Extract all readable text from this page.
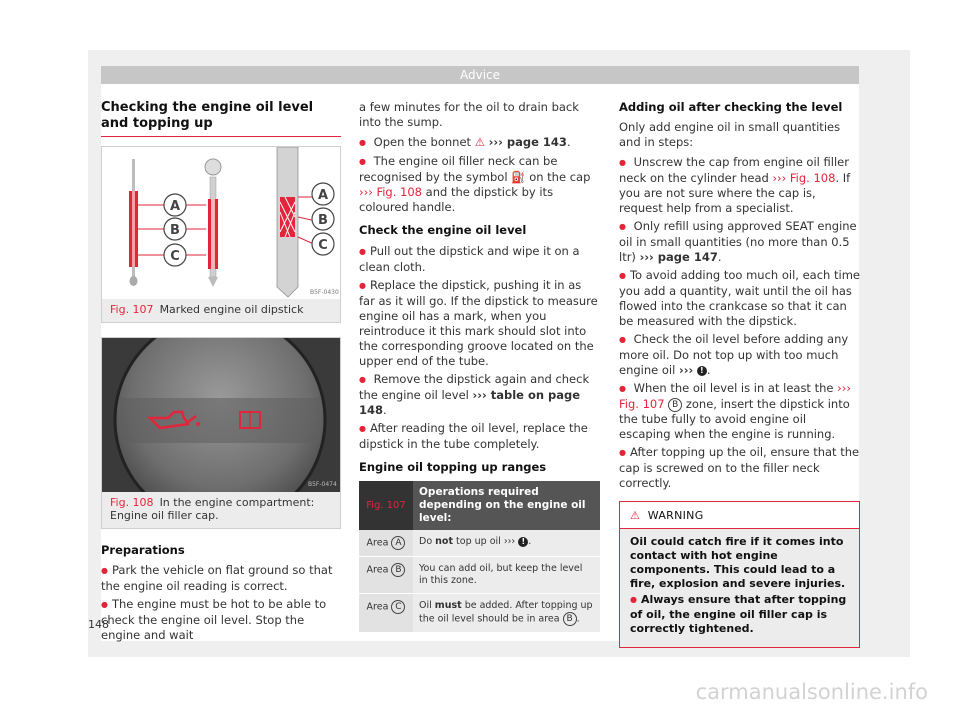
Advice
Checking the engine oil level and topping up
A
B
C
A
B
C
B5F-0430
Fig. 107 Marked engine oil dipstick
B5F-0474
Fig. 108 In the engine compartment: Engine oil filler cap.
Preparations
● Park the vehicle on flat ground so that the engine oil reading is correct.
● The engine must be hot to be able to check the engine oil level. Stop the engine and wait
a few minutes for the oil to drain back into the sump.
● Open the bonnet ⚠ ››› page 143.
● The engine oil filler neck can be recognised by the symbol ⛽ on the cap ››› Fig. 108 and the dipstick by its coloured handle.
Check the engine oil level
● Pull out the dipstick and wipe it on a clean cloth.
● Replace the dipstick, pushing it in as far as it will go. If the dipstick to measure engine oil has a mark, when you reintroduce it this mark should slot into the corresponding groove located on the upper end of the tube.
● Remove the dipstick again and check the engine oil level ››› table on page 148.
● After reading the oil level, replace the dipstick in the tube completely.
Engine oil topping up ranges
Fig. 107	Operations required depending on the engine oil level:
Area A	Do not top up oil ››› ! .
Area B	You can add oil, but keep the level in this zone.
Area C	Oil must be added. After topping up the oil level should be in area B .
Adding oil after checking the level
Only add engine oil in small quantities and in steps:
● Unscrew the cap from engine oil filler neck on the cylinder head ››› Fig. 108. If you are not sure where the cap is, request help from a specialist.
● Only refill using approved SEAT engine oil in small quantities (no more than 0.5 ltr) ››› page 147.
● To avoid adding too much oil, each time you add a quantity, wait until the oil has flowed into the crankcase so that it can be measured with the dipstick.
● Check the oil level before adding any more oil. Do not top up with too much engine oil ››› ! .
● When the oil level is in at least the ››› Fig. 107 B zone, insert the dipstick into the tube fully to avoid engine oil escaping when the engine is running.
● After topping up the oil, ensure that the cap is screwed on to the filler neck correctly.
⚠ WARNING
Oil could catch fire if it comes into contact with hot engine components. This could lead to a fire, explosion and severe injuries.
● Always ensure that after topping of oil, the engine oil filler cap is correctly tightened.
148
carmanualsonline.info
